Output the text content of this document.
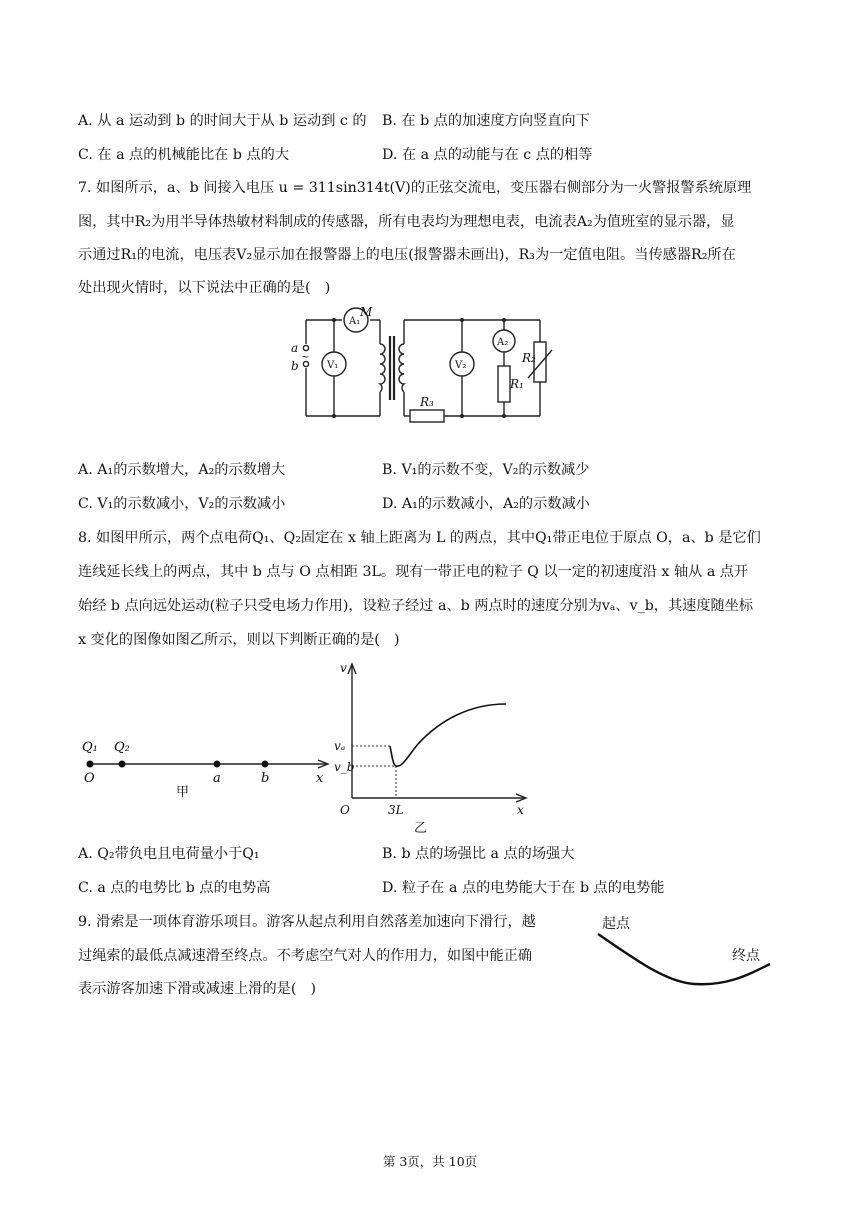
A. 从 a 运动到 b 的时间大于从 b 运动到 c 的 B. 在 b 点的加速度方向竖直向下
C. 在 a 点的机械能比在 b 点的大	D. 在 a 点的动能与在 c 点的相等
7. 如图所示，a、b 间接入电压 u = 311sin314t(V)的正弦交流电，变压器右侧部分为一火警报警系统原理
图，其中R₂为用半导体热敏材料制成的传感器，所有电表均为理想电表，电流表A₂为值班室的显示器，显
示通过R₁的电流，电压表V₂显示加在报警器上的电压(报警器未画出)，R₃为一定值电阻。当传感器R₂所在
处出现火情时，以下说法中正确的是(　)
a
b
M
R₁
R₂
R₃
~
V₁
A₁
V₂
A₂
A. A₁的示数增大，A₂的示数增大	B. V₁的示数不变，V₂的示数减少
C. V₁的示数减小，V₂的示数减小	D. A₁的示数减小，A₂的示数减小
8. 如图甲所示，两个点电荷Q₁、Q₂固定在 x 轴上距离为 L 的两点，其中Q₁带正电位于原点 O，a、b 是它们
连线延长线上的两点，其中 b 点与 O 点相距 3L。现有一带正电的粒子 Q 以一定的初速度沿 x 轴从 a 点开
始经 b 点向远处运动(粒子只受电场力作用)，设粒子经过 a、b 两点时的速度分别为vₐ、v_b，其速度随坐标
x 变化的图像如图乙所示，则以下判断正确的是(　)
Q₁ Q₂
O	a	b	x
甲
v
vₐ
v_b
O	3L	x
乙
A. Q₂带负电且电荷量小于Q₁	B. b 点的场强比 a 点的场强大
C. a 点的电势比 b 点的电势高	D. 粒子在 a 点的电势能大于在 b 点的电势能
9. 滑索是一项体育游乐项目。游客从起点利用自然落差加速向下滑行，越
过绳索的最低点减速滑至终点。不考虑空气对人的作用力，如图中能正确
表示游客加速下滑或减速上滑的是(　)
起点
终点
第 3页，共 10页
